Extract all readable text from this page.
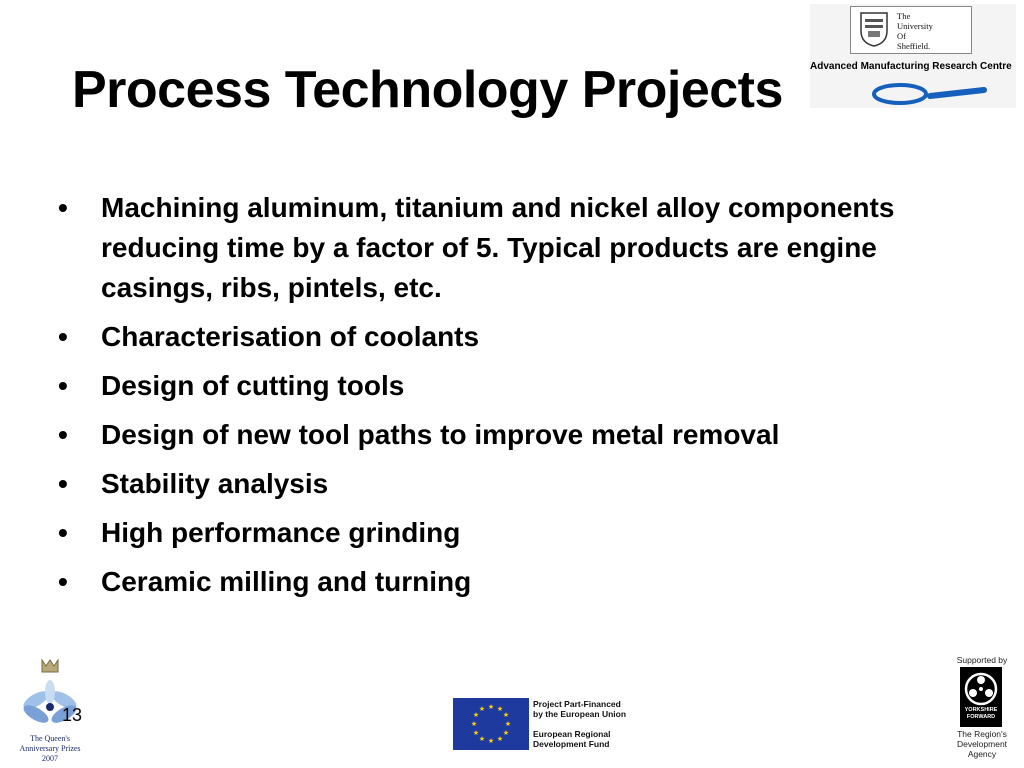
The
University
Of
Sheffield.
Advanced Manufacturing Research Centre
Process Technology Projects
• Machining aluminum, titanium and nickel alloy components reducing time by a factor of 5. Typical products are engine casings, ribs, pintels, etc.
• Characterisation of coolants
• Design of cutting tools
• Design of new tool paths to improve metal removal
• Stability analysis
• High performance grinding
• Ceramic milling and turning
The Queen's
Anniversary Prizes
2007
13	★ ★
★
★
★
★
★
★
★
★
★
★	Project Part-Financed
by the European Union

European Regional
Development Fund
Supported by
YORKSHIRE
FORWARD
The Region's
Development Agency
